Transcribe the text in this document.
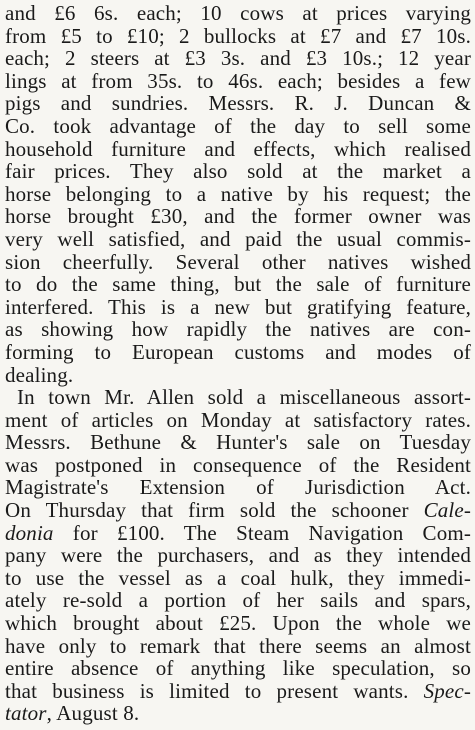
and £6 6s. each; 10 cows at prices varying
from £5 to £10; 2 bullocks at £7 and £7 10s.
each; 2 steers at £3 3s. and £3 10s.; 12 year
lings at from 35s. to 46s. each; besides a few
pigs and sundries. Messrs. R. J. Duncan &
Co. took advantage of the day to sell some
household furniture and effects, which realised
fair prices. They also sold at the market a
horse belonging to a native by his request; the
horse brought £30, and the former owner was
very well satisfied, and paid the usual commis-
sion cheerfully. Several other natives wished
to do the same thing, but the sale of furniture
interfered. This is a new but gratifying feature,
as showing how rapidly the natives are con-
forming to European customs and modes of
dealing.
In town Mr. Allen sold a miscellaneous assort-
ment of articles on Monday at satisfactory rates.
Messrs. Bethune & Hunter's sale on Tuesday
was postponed in consequence of the Resident
Magistrate's Extension of Jurisdiction Act.
On Thursday that firm sold the schooner Cale-
donia for £100. The Steam Navigation Com-
pany were the purchasers, and as they intended
to use the vessel as a coal hulk, they immedi-
ately re-sold a portion of her sails and spars,
which brought about £25. Upon the whole we
have only to remark that there seems an almost
entire absence of anything like speculation, so
that business is limited to present wants. Spec-
tator, August 8.
